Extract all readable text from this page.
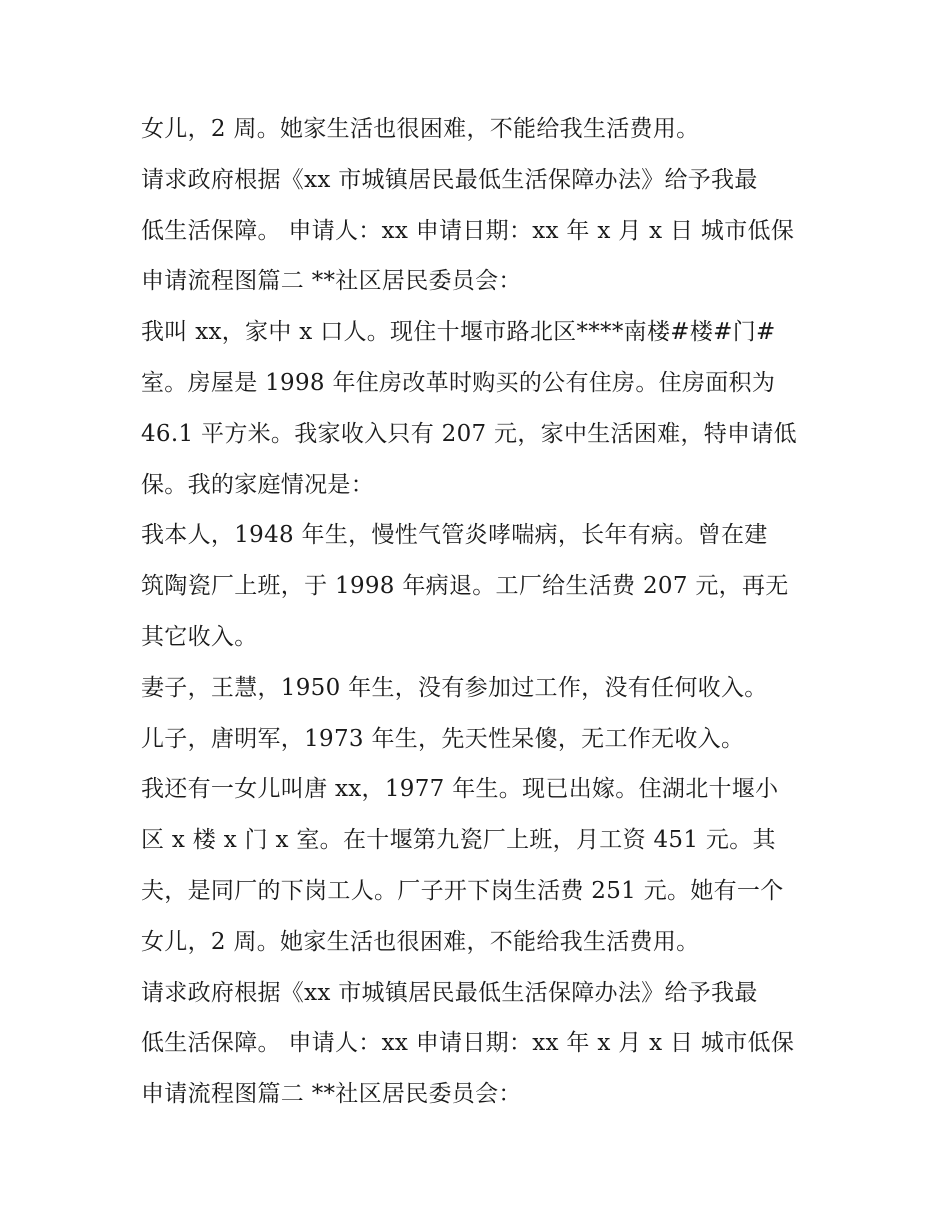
女儿，2 周。她家生活也很困难，不能给我生活费用。
请求政府根据《xx 市城镇居民最低生活保障办法》给予我最
低生活保障。 申请人：xx 申请日期：xx 年 x 月 x 日 城市低保
申请流程图篇二 **社区居民委员会：
我叫 xx，家中 x 口人。现住十堰市路北区****南楼#楼#门#
室。房屋是 1998 年住房改革时购买的公有住房。住房面积为
46.1 平方米。我家收入只有 207 元，家中生活困难，特申请低
保。我的家庭情况是：
我本人，1948 年生，慢性气管炎哮喘病，长年有病。曾在建
筑陶瓷厂上班，于 1998 年病退。工厂给生活费 207 元，再无
其它收入。
妻子，王慧，1950 年生，没有参加过工作，没有任何收入。
儿子，唐明军，1973 年生，先天性呆傻，无工作无收入。
我还有一女儿叫唐 xx，1977 年生。现已出嫁。住湖北十堰小
区 x 楼 x 门 x 室。在十堰第九瓷厂上班，月工资 451 元。其
夫，是同厂的下岗工人。厂子开下岗生活费 251 元。她有一个
女儿，2 周。她家生活也很困难，不能给我生活费用。
请求政府根据《xx 市城镇居民最低生活保障办法》给予我最
低生活保障。 申请人：xx 申请日期：xx 年 x 月 x 日 城市低保
申请流程图篇二 **社区居民委员会：
